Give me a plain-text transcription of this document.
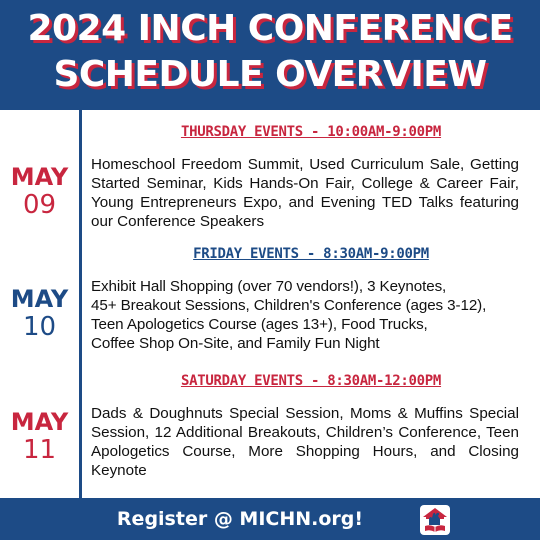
2024 INCH CONFERENCE
SCHEDULE OVERVIEW
MAY
09
THURSDAY EVENTS - 10:00AM-9:00PM
Homeschool Freedom Summit, Used Curriculum Sale, Getting Started Seminar, Kids Hands-On Fair, College & Career Fair, Young Entrepreneurs Expo, and Evening TED Talks featuring our Conference Speakers
MAY
10
FRIDAY EVENTS - 8:30AM-9:00PM
Exhibit Hall Shopping (over 70 vendors!), 3 Keynotes,
45+ Breakout Sessions, Children's Conference (ages 3-12),
Teen Apologetics Course (ages 13+), Food Trucks,
Coffee Shop On-Site, and Family Fun Night
MAY
11
SATURDAY EVENTS - 8:30AM-12:00PM
Dads & Doughnuts Special Session, Moms & Muffins Special Session, 12 Additional Breakouts, Children’s Conference, Teen Apologetics Course, More Shopping Hours, and Closing Keynote
Register @ MICHN.org!
